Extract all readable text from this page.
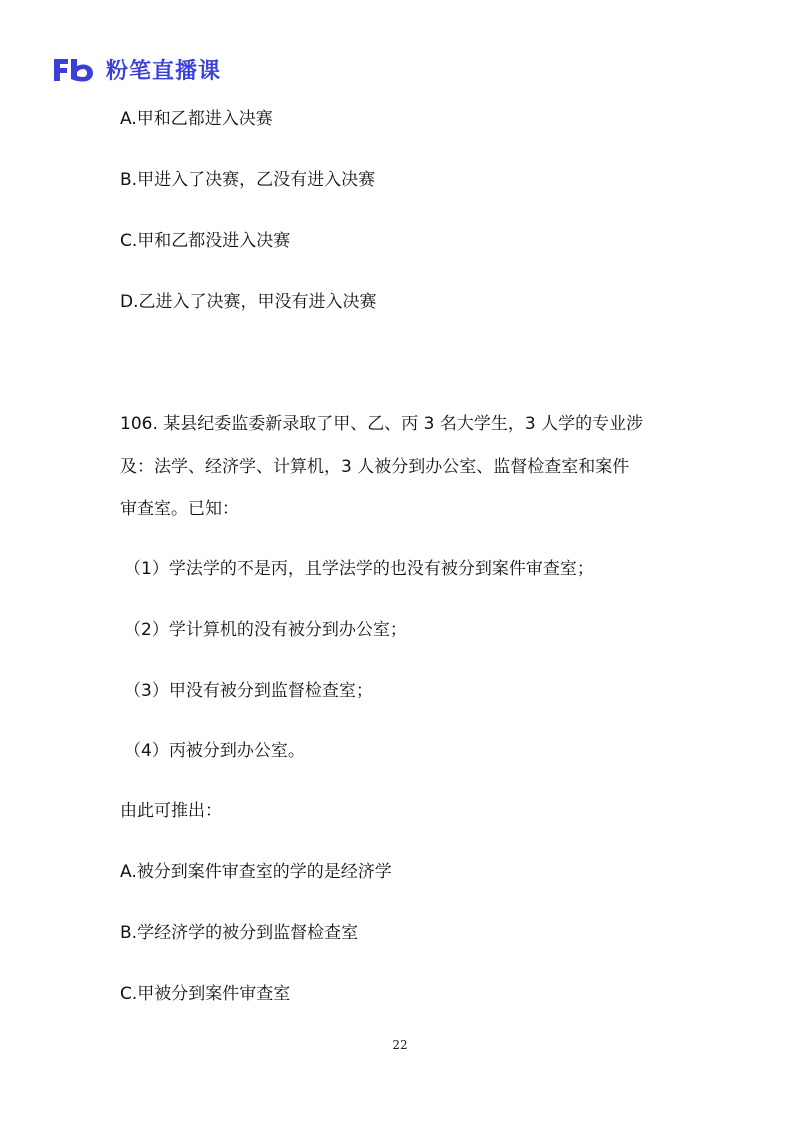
粉笔直播课
A.甲和乙都进入决赛
B.甲进入了决赛，乙没有进入决赛
C.甲和乙都没进入决赛
D.乙进入了决赛，甲没有进入决赛
106. 某县纪委监委新录取了甲、乙、丙 3 名大学生，3 人学的专业涉
及：法学、经济学、计算机，3 人被分到办公室、监督检查室和案件
审查室。已知：
（1）学法学的不是丙，且学法学的也没有被分到案件审查室；
（2）学计算机的没有被分到办公室；
（3）甲没有被分到监督检查室；
（4）丙被分到办公室。
由此可推出：
A.被分到案件审查室的学的是经济学
B.学经济学的被分到监督检查室
C.甲被分到案件审查室
22
